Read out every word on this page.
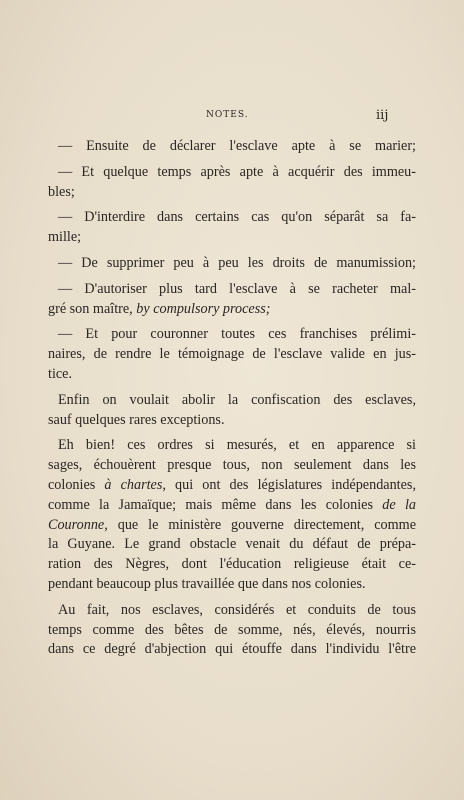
NOTES.	iij
— Ensuite de déclarer l'esclave apte à se marier;
— Et quelque temps après apte à acquérir des immeu-
bles;
— D'interdire dans certains cas qu'on séparât sa fa-
mille;
— De supprimer peu à peu les droits de manumission;
— D'autoriser plus tard l'esclave à se racheter mal-
gré son maître, by compulsory process;
— Et pour couronner toutes ces franchises prélimi-
naires, de rendre le témoignage de l'esclave valide en jus-
tice.
Enfin on voulait abolir la confiscation des esclaves,
sauf quelques rares exceptions.
Eh bien! ces ordres si mesurés, et en apparence si
sages, échouèrent presque tous, non seulement dans les
colonies à chartes, qui ont des législatures indépendantes,
comme la Jamaïque; mais même dans les colonies de la
Couronne, que le ministère gouverne directement, comme
la Guyane. Le grand obstacle venait du défaut de prépa-
ration des Nègres, dont l'éducation religieuse était ce-
pendant beaucoup plus travaillée que dans nos colonies.
Au fait, nos esclaves, considérés et conduits de tous
temps comme des bêtes de somme, nés, élevés, nourris
dans ce degré d'abjection qui étouffe dans l'individu l'être
